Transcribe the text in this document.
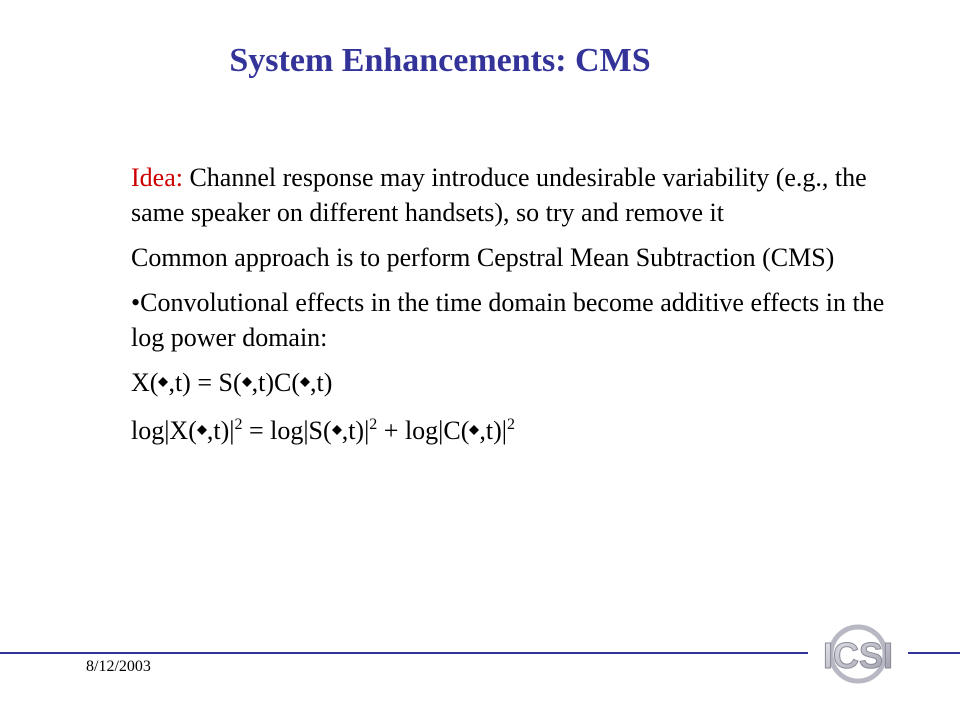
System Enhancements: CMS

Idea: Channel response may introduce undesirable variability (e.g., the same speaker on different handsets), so try and remove it

Common approach is to perform Cepstral Mean Subtraction (CMS)

•Convolutional effects in the time domain become additive effects in the log power domain:

X( ,t) = S( ,t)C( ,t)

log|X( $,t)|^2 = \log|S$( $,t)|^2 + \log|C$( $,t)|^2$

ICSI
8/12/2003
